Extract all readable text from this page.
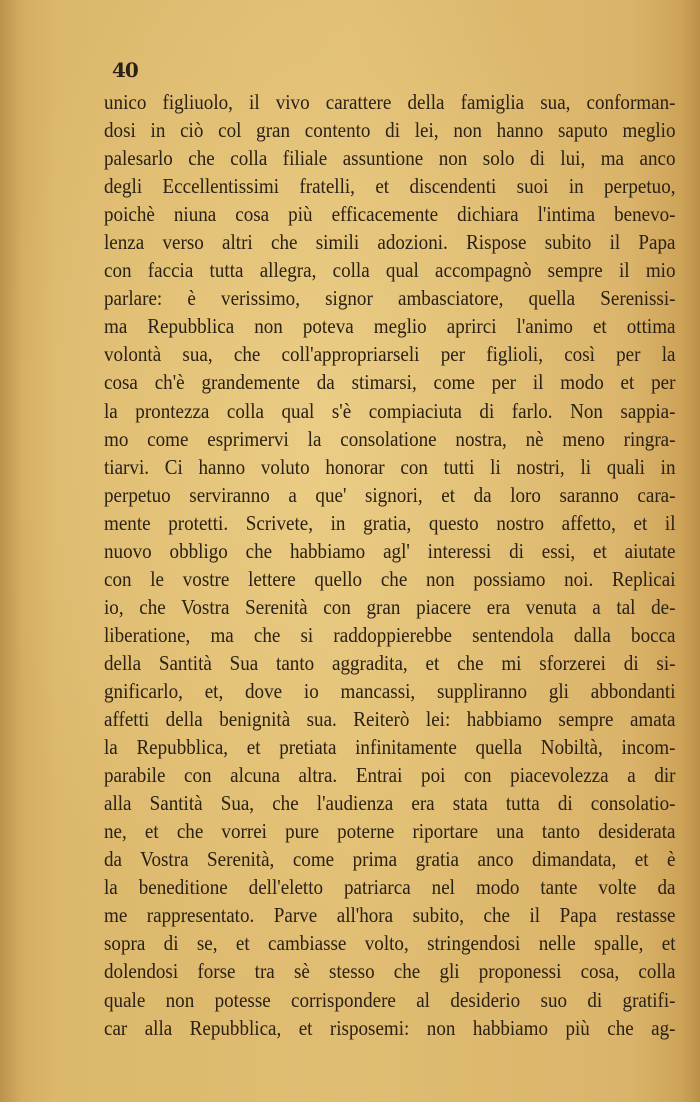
40
unico figliuolo, il vivo carattere della famiglia sua, conforman-
dosi in ciò col gran contento di lei, non hanno saputo meglio
palesarlo che colla filiale assuntione non solo di lui, ma anco
degli Eccellentissimi fratelli, et discendenti suoi in perpetuo,
poichè niuna cosa più efficacemente dichiara l'intima benevo-
lenza verso altri che simili adozioni. Rispose subito il Papa
con faccia tutta allegra, colla qual accompagnò sempre il mio
parlare: è verissimo, signor ambasciatore, quella Serenissi-
ma Repubblica non poteva meglio aprirci l'animo et ottima
volontà sua, che coll'appropriarseli per figlioli, così per la
cosa ch'è grandemente da stimarsi, come per il modo et per
la prontezza colla qual s'è compiaciuta di farlo. Non sappia-
mo come esprimervi la consolatione nostra, nè meno ringra-
tiarvi. Ci hanno voluto honorar con tutti li nostri, li quali in
perpetuo serviranno a que' signori, et da loro saranno cara-
mente protetti. Scrivete, in gratia, questo nostro affetto, et il
nuovo obbligo che habbiamo agl' interessi di essi, et aiutate
con le vostre lettere quello che non possiamo noi. Replicai
io, che Vostra Serenità con gran piacere era venuta a tal de-
liberatione, ma che si raddoppierebbe sentendola dalla bocca
della Santità Sua tanto aggradita, et che mi sforzerei di si-
gnificarlo, et, dove io mancassi, suppliranno gli abbondanti
affetti della benignità sua. Reiterò lei: habbiamo sempre amata
la Repubblica, et pretiata infinitamente quella Nobiltà, incom-
parabile con alcuna altra. Entrai poi con piacevolezza a dir
alla Santità Sua, che l'audienza era stata tutta di consolatio-
ne, et che vorrei pure poterne riportare una tanto desiderata
da Vostra Serenità, come prima gratia anco dimandata, et è
la beneditione dell'eletto patriarca nel modo tante volte da
me rappresentato. Parve all'hora subito, che il Papa restasse
sopra di se, et cambiasse volto, stringendosi nelle spalle, et
dolendosi forse tra sè stesso che gli proponessi cosa, colla
quale non potesse corrispondere al desiderio suo di gratifi-
car alla Repubblica, et risposemi: non habbiamo più che ag-
